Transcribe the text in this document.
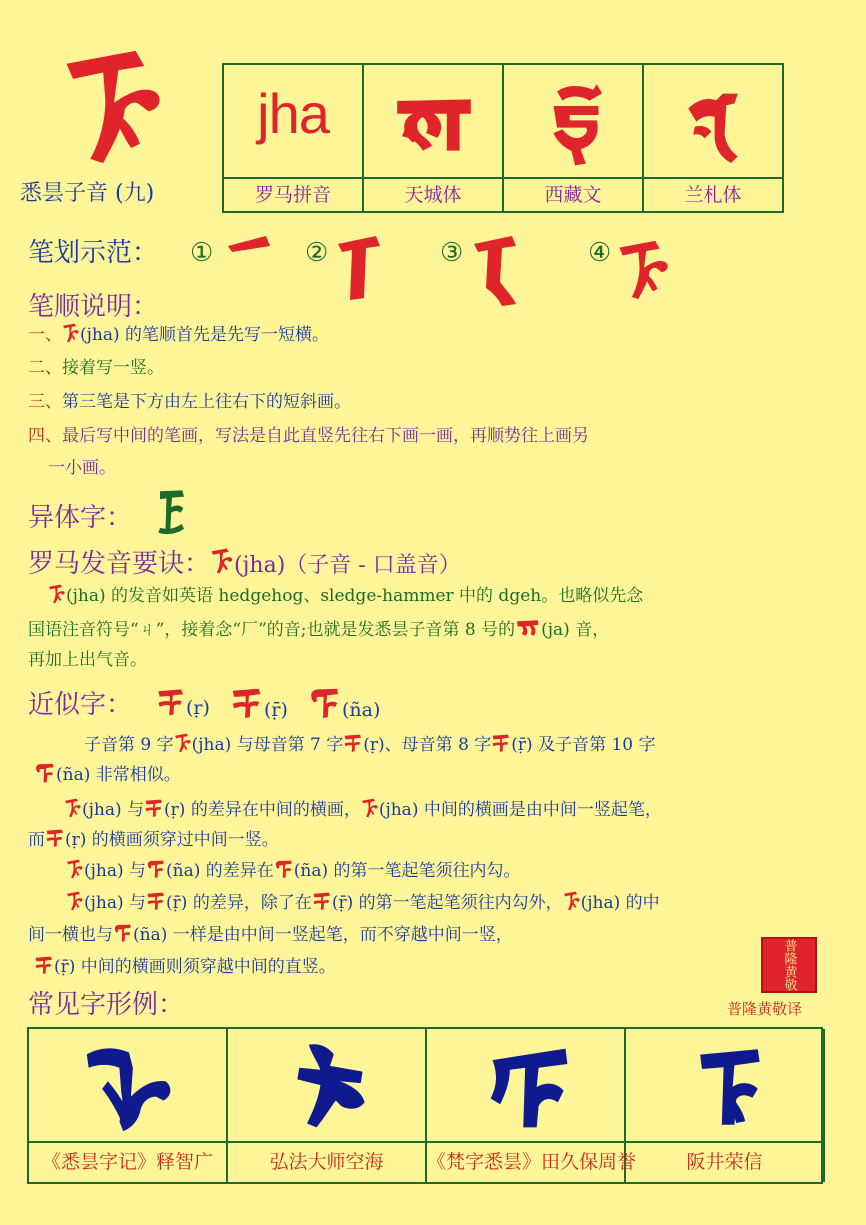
悉昙子音 (九)
jha
罗马拼音	天城体	西藏文	兰札体
笔划示范： ①	②	③	④
笔顺说明：
一、 (jha) 的笔顺首先是先写一短横。
二、接着写一竖。
三、第三笔是下方由左上往右下的短斜画。
四、最后写中间的笔画，写法是自此直竖先往右下画一画，再顺势往上画另
一小画。
异体字：
罗马发音要诀： (jha)（子音 - 口盖音）
(jha) 的发音如英语 hedgehog、sledge-hammer 中的 dgeh。也略似先念
国语注音符号“ㄐ”，接着念“厂”的音;也就是发悉昙子音第 8 号的 (ja) 音，
再加上出气音。
近似字：	(ṛ)	(ṝ)	(ña)
子音第 9 字 (jha) 与母音第 7 字 (ṛ)、母音第 8 字 (ṝ) 及子音第 10 字
(ña) 非常相似。
(jha) 与 (ṛ) 的差异在中间的横画， (jha) 中间的横画是由中间一竖起笔，
而 (ṛ) 的横画须穿过中间一竖。
(jha) 与 (ña) 的差异在 (ña) 的第一笔起笔须往内勾。
(jha) 与 (ṝ) 的差异，除了在 (ṝ) 的第一笔起笔须往内勾外， (jha) 的中
间一横也与 (ña) 一样是由中间一竖起笔，而不穿越中间一竖，
(ṝ) 中间的横画则须穿越中间的直竖。	普隆黄敬
普隆黄敬译
常见字形例：
《悉昙字记》释智广	弘法大师空海	《梵字悉昙》田久保周誉	阪井荣信
